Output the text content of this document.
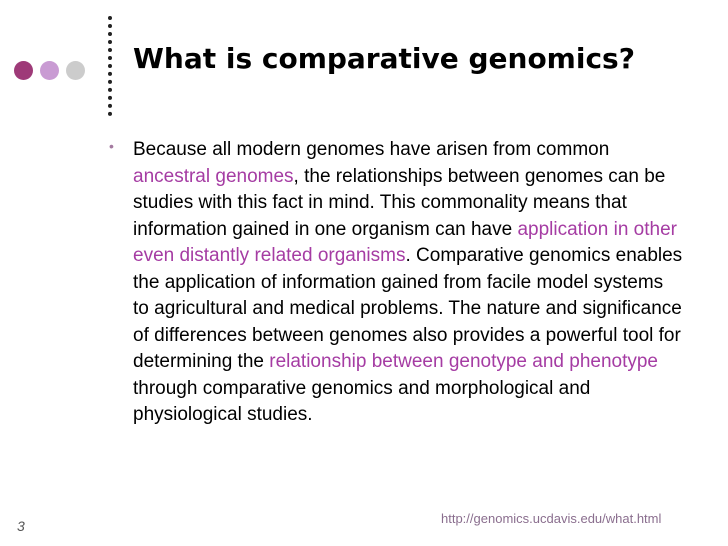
What is comparative genomics?
• Because all modern genomes have arisen from common ancestral genomes, the relationships between genomes can be studies with this fact in mind. This commonality means that information gained in one organism can have application in other even distantly related organisms. Comparative genomics enables the application of information gained from facile model systems to agricultural and medical problems. The nature and significance of differences between genomes also provides a powerful tool for determining the relationship between genotype and phenotype through comparative genomics and morphological and physiological studies.

3	http://genomics.ucdavis.edu/what.html
